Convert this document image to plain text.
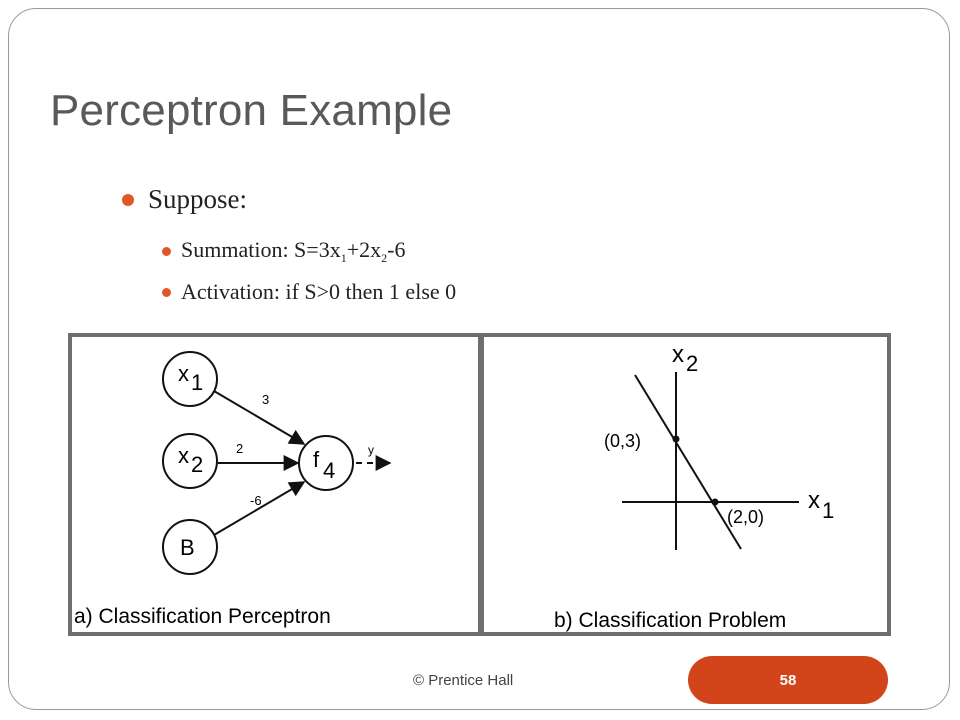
Perceptron Example
Suppose:
Summation: $S=3x_1+2x_2-6$
Activation: if S>0 then 1 else 0
x 1
x 2
B
f 4
3
2
-6
y
a) Classification Perceptron
(0,3)
(2,0)
x 2
x 1
b) Classification Problem
© Prentice Hall	58
